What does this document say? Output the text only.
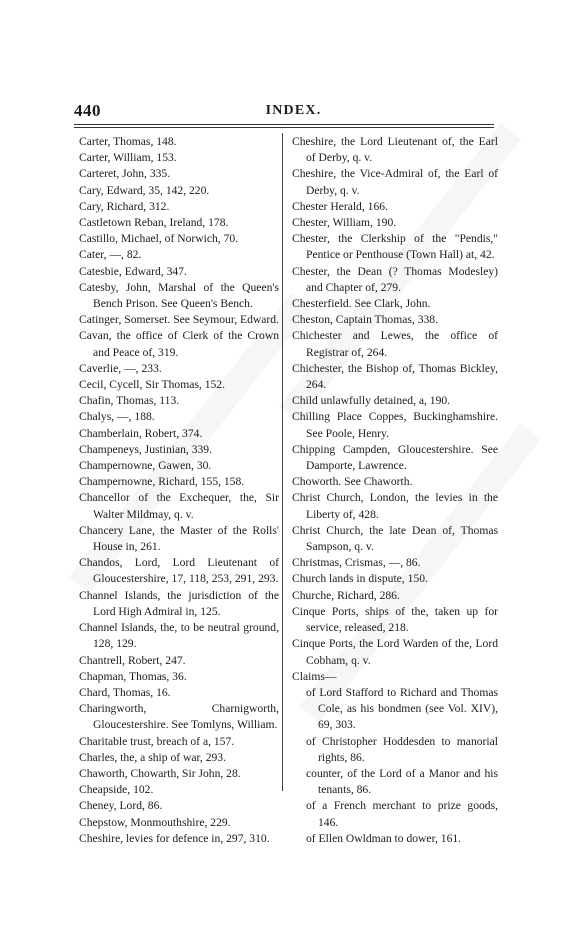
440	INDEX.

Carter, Thomas, 148.

Carter, William, 153.

Carteret, John, 335.

Cary, Edward, 35, 142, 220.

Cary, Richard, 312.

Castletown Reban, Ireland, 178.

Castillo, Michael, of Norwich, 70.

Cater, —, 82.

Catesbie, Edward, 347.

Catesby, John, Marshal of the Queen's Bench Prison. See Queen's Bench.

Catinger, Somerset. See Seymour, Edward.

Cavan, the office of Clerk of the Crown and Peace of, 319.

Caverlie, —, 233.

Cecil, Cycell, Sir Thomas, 152.

Chafin, Thomas, 113.

Chalys, —, 188.

Chamberlain, Robert, 374.

Champeneys, Justinian, 339.

Champernowne, Gawen, 30.

Champernowne, Richard, 155, 158.

Chancellor of the Exchequer, the, Sir Walter Mildmay, q. v.

Chancery Lane, the Master of the Rolls' House in, 261.

Chandos, Lord, Lord Lieutenant of Gloucestershire, 17, 118, 253, 291, 293.

Channel Islands, the jurisdiction of the Lord High Admiral in, 125.

Channel Islands, the, to be neutral ground, 128, 129.

Chantrell, Robert, 247.

Chapman, Thomas, 36.

Chard, Thomas, 16.

Charingworth, Charnigworth, Gloucestershire. See Tomlyns, William.

Charitable trust, breach of a, 157.

Charles, the, a ship of war, 293.

Chaworth, Chowarth, Sir John, 28.

Cheapside, 102.

Cheney, Lord, 86.

Chepstow, Monmouthshire, 229.

Cheshire, levies for defence in, 297, 310.

Cheshire, the Lord Lieutenant of, the Earl of Derby, q. v.

Cheshire, the Vice-Admiral of, the Earl of Derby, q. v.

Chester Herald, 166.

Chester, William, 190.

Chester, the Clerkship of the "Pendis," Pentice or Penthouse (Town Hall) at, 42.

Chester, the Dean (? Thomas Modesley) and Chapter of, 279.

Chesterfield. See Clark, John.

Cheston, Captain Thomas, 338.

Chichester and Lewes, the office of Registrar of, 264.

Chichester, the Bishop of, Thomas Bickley, 264.

Child unlawfully detained, a, 190.

Chilling Place Coppes, Buckinghamshire. See Poole, Henry.

Chipping Campden, Gloucestershire. See Damporte, Lawrence.

Choworth. See Chaworth.

Christ Church, London, the levies in the Liberty of, 428.

Christ Church, the late Dean of, Thomas Sampson, q. v.

Christmas, Crismas, —, 86.

Church lands in dispute, 150.

Churche, Richard, 286.

Cinque Ports, ships of the, taken up for service, released, 218.

Cinque Ports, the Lord Warden of the, Lord Cobham, q. v.

Claims—

of Lord Stafford to Richard and Thomas Cole, as his bondmen (see Vol. XIV), 69, 303.

of Christopher Hoddesden to manorial rights, 86.

counter, of the Lord of a Manor and his tenants, 86.

of a French merchant to prize goods, 146.

of Ellen Owldman to dower, 161.
